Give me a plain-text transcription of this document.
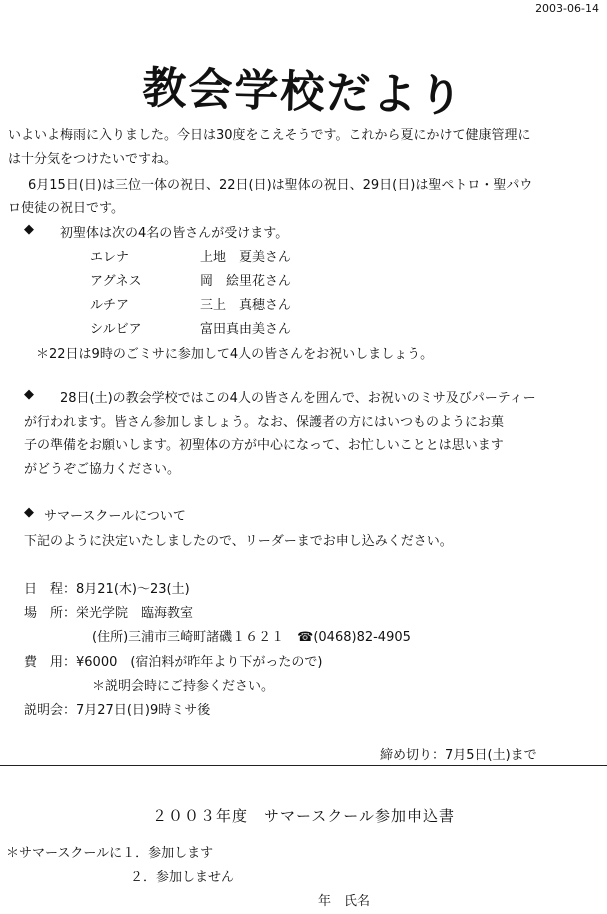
2003-06-14
教会学校だより
いよいよ梅雨に入りました。今日は30度をこえそうです。これから夏にかけて健康管理に
は十分気をつけたいですね。
6月15日(日)は三位一体の祝日、22日(日)は聖体の祝日、29日(日)は聖ペトロ・聖パウ
ロ使徒の祝日です。
◆ 初聖体は次の4名の皆さんが受けます。
エレナ	上地　夏美さん
アグネス	岡　絵里花さん
ルチア	三上　真穂さん
シルビア	富田真由美さん
＊22日は9時のごミサに参加して4人の皆さんをお祝いしましょう。
◆ 28日(土)の教会学校ではこの4人の皆さんを囲んで、お祝いのミサ及びパーティー
が行われます。皆さん参加しましょう。なお、保護者の方にはいつものようにお菓
子の準備をお願いします。初聖体の方が中心になって、お忙しいこととは思います
がどうぞご協力ください。
◆ サマースクールについて
下記のように決定いたしましたので、リーダーまでお申し込みください。
日　程：8月21(木)～23(土)
場　所：栄光学院　臨海教室
(住所)三浦市三崎町諸磯１６２１　☎(0468)82-4905
費　用：¥6000　(宿泊料が昨年より下がったので)
＊説明会時にご持参ください。
説明会：7月27日(日)9時ミサ後
締め切り：7月5日(土)まで
２００３年度　サマースクール参加申込書
＊サマースクールに１．参加します
２．参加しません
年　氏名
